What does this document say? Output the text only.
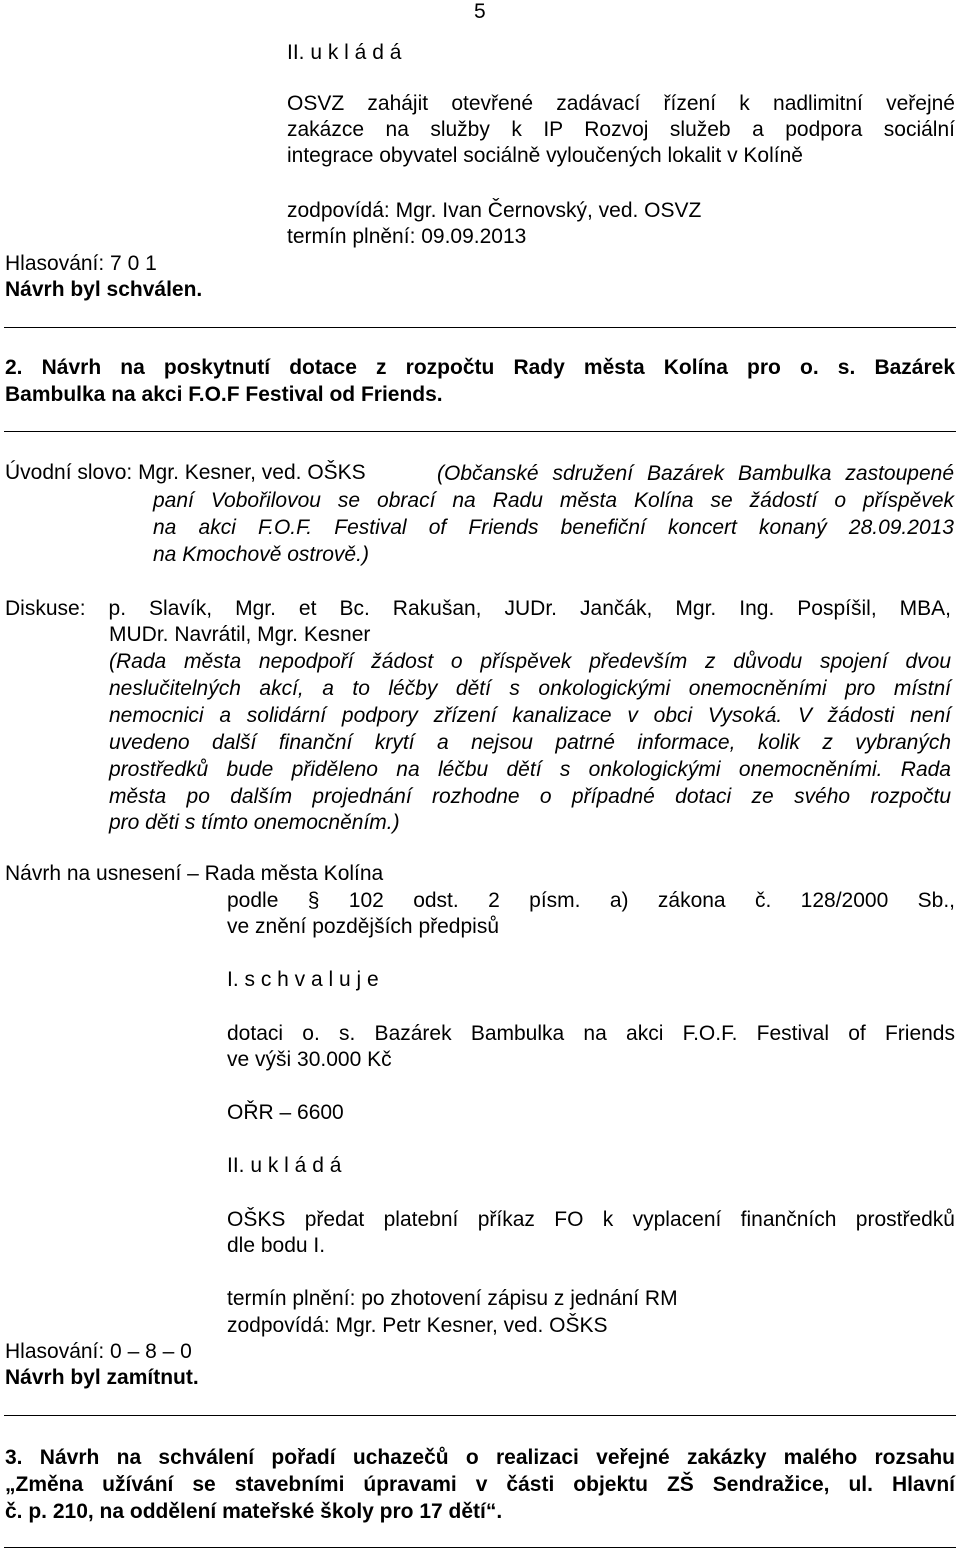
5
II. u k l á d á
OSVZ zahájit otevřené zadávací řízení k nadlimitní veřejné
zakázce na služby k IP Rozvoj služeb a podpora sociální
integrace obyvatel sociálně vyloučených lokalit v Kolíně
zodpovídá: Mgr. Ivan Černovský, ved. OSVZ
termín plnění: 09.09.2013
Hlasování: 7 0 1
Návrh byl schválen.
2. Návrh na poskytnutí dotace z rozpočtu Rady města Kolína pro o. s. Bazárek
Bambulka na akci F.O.F Festival od Friends.
Úvodní slovo: Mgr. Kesner, ved. OŠKS	(Občanské sdružení Bazárek Bambulka zastoupené
paní Vobořilovou se obrací na Radu města Kolína se žádostí o příspěvek
na akci F.O.F. Festival of Friends benefiční koncert konaný 28.09.2013
na Kmochově ostrově.)
Diskuse: p. Slavík, Mgr. et Bc. Rakušan, JUDr. Jančák, Mgr. Ing. Pospíšil, MBA,
MUDr. Navrátil, Mgr. Kesner
(Rada města nepodpoří žádost o příspěvek především z důvodu spojení dvou
neslučitelných akcí, a to léčby dětí s onkologickými onemocněními pro místní
nemocnici a solidární podpory zřízení kanalizace v obci Vysoká. V žádosti není
uvedeno další finanční krytí a nejsou patrné informace, kolik z vybraných
prostředků bude přiděleno na léčbu dětí s onkologickými onemocněními. Rada
města po dalším projednání rozhodne o případné dotaci ze svého rozpočtu
pro děti s tímto onemocněním.)
Návrh na usnesení – Rada města Kolína
podle § 102 odst. 2 písm. a) zákona č. 128/2000 Sb.,
ve znění pozdějších předpisů
I. s c h v a l u j e
dotaci o. s. Bazárek Bambulka na akci F.O.F. Festival of Friends
ve výši 30.000 Kč
OŘR – 6600
II. u k l á d á
OŠKS předat platební příkaz FO k vyplacení finančních prostředků
dle bodu I.
termín plnění: po zhotovení zápisu z jednání RM
zodpovídá: Mgr. Petr Kesner, ved. OŠKS
Hlasování: 0 – 8 – 0
Návrh byl zamítnut.
3. Návrh na schválení pořadí uchazečů o realizaci veřejné zakázky malého rozsahu
„Změna užívání se stavebními úpravami v části objektu ZŠ Sendražice, ul. Hlavní
č. p. 210, na oddělení mateřské školy pro 17 dětí“.
